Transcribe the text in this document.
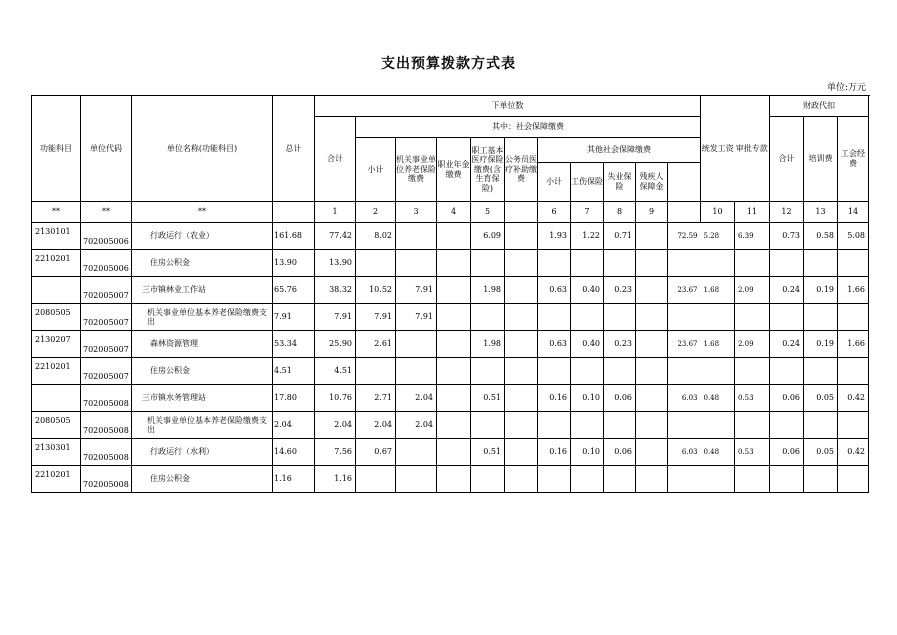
支出预算拨款方式表
单位:万元
功能科目	单位代码	单位名称(功能科目)	总计	下单位数											统发工资	审批专款	财政代扣			
				合计	其中：社会保障缴费												合计	培训费	工会经费	
					小计	机关事业单位养老保险缴费	职业年金缴费	职工基本医疗保险缴费(含生育保险)	公务员医疗补助缴费	其他社会保障缴费										
										小计	工伤保险	失业保险	残疾人保障金							
**	**	**		1	2	3	4	5		6	7	8	9		10	11	12	13	14	
2130101	702005006	行政运行（农业）	161.68	77.42	8.02			6.09		1.93	1.22	0.71		72.59	5.28	6.39	0.73	0.58	5.08	
2210201	702005006	住房公积金	13.90	13.90																
	702005007	三市镇林业工作站	65.76	38.32	10.52	7.91		1.98		0.63	0.40	0.23		23.67	1.68	2.09	0.24	0.19	1.66	
2080505	702005007	机关事业单位基本养老保险缴费支出	7.91	7.91	7.91	7.91														
2130207	702005007	森林资源管理	53.34	25.90	2.61			1.98		0.63	0.40	0.23		23.67	1.68	2.09	0.24	0.19	1.66	
2210201	702005007	住房公积金	4.51	4.51																
	702005008	三市镇水务管理站	17.80	10.76	2.71	2.04		0.51		0.16	0.10	0.06		6.03	0.48	0.53	0.06	0.05	0.42	
2080505	702005008	机关事业单位基本养老保险缴费支出	2.04	2.04	2.04	2.04														
2130301	702005008	行政运行（水利）	14.60	7.56	0.67			0.51		0.16	0.10	0.06		6.03	0.48	0.53	0.06	0.05	0.42	
2210201	702005008	住房公积金	1.16	1.16																
